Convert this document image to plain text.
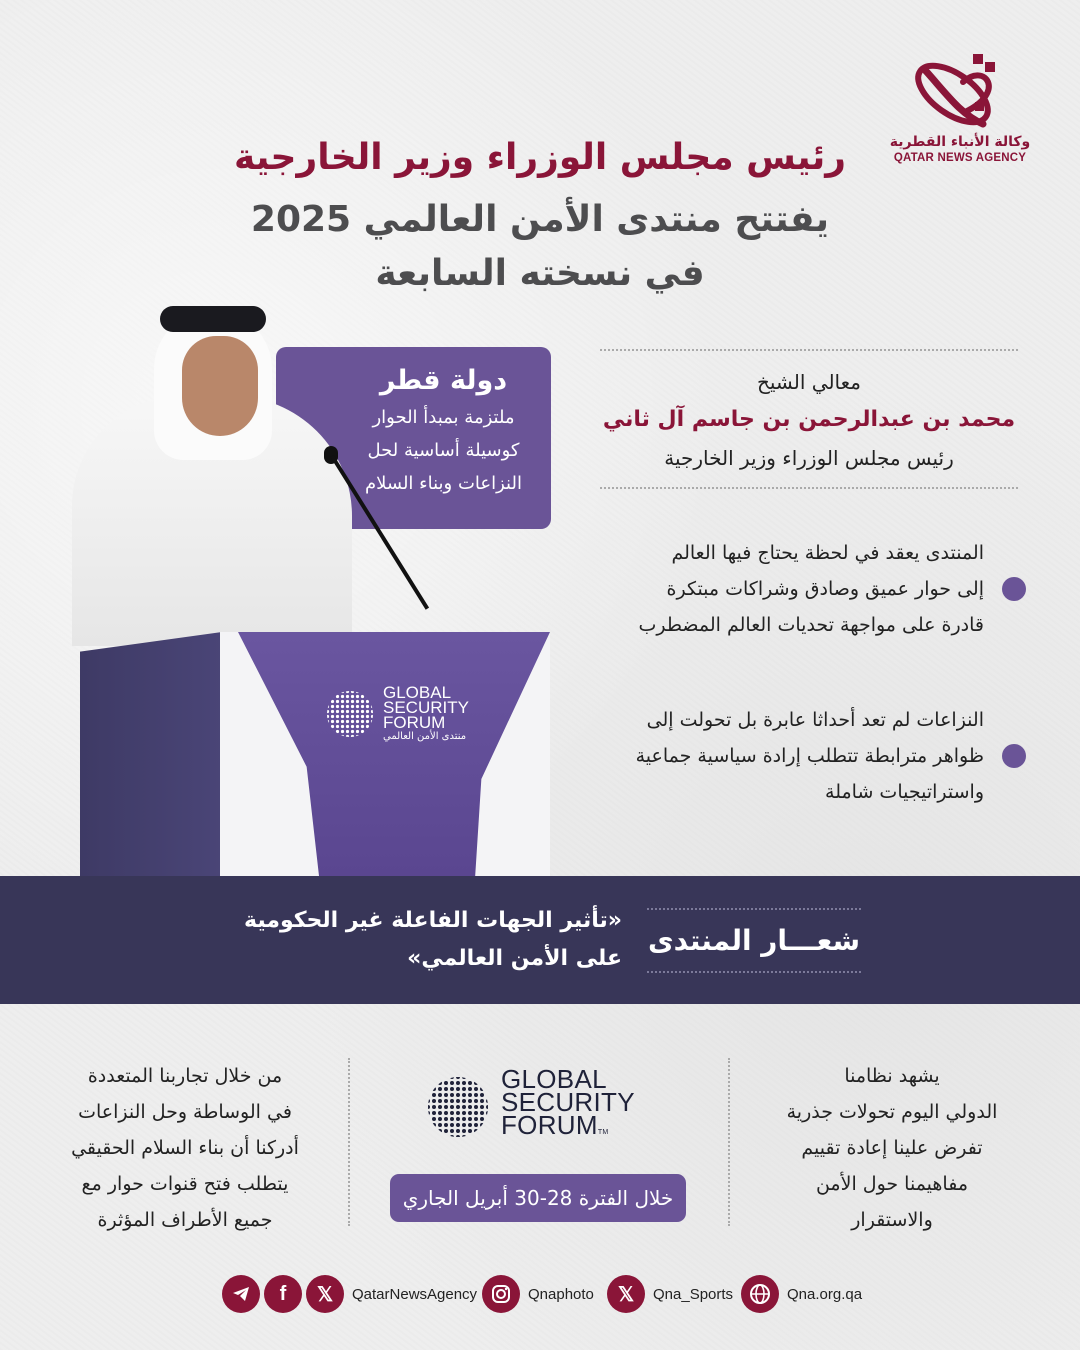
وكالة الأنباء القطرية
QATAR NEWS AGENCY
رئيس مجلس الوزراء وزير الخارجية
يفتتح منتدى الأمن العالمي 2025
في نسخته السابعة
دولة قطر
ملتزمة بمبدأ الحوار
كوسيلة أساسية لحل
النزاعات وبناء السلام
GLOBAL
SECURITY
FORUM
منتدى الأمن العالمي
معالي الشيخ
محمد بن عبدالرحمن بن جاسم آل ثاني
رئيس مجلس الوزراء وزير الخارجية
المنتدى يعقد في لحظة يحتاج فيها العالم
إلى حوار عميق وصادق وشراكات مبتكرة
قادرة على مواجهة تحديات العالم المضطرب
النزاعات لم تعد أحداثا عابرة بل تحولت إلى
ظواهر مترابطة تتطلب إرادة سياسية جماعية
واستراتيجيات شاملة
شعـــار المنتدى
«تأثير الجهات الفاعلة غير الحكومية
على الأمن العالمي»
يشهد نظامنا
الدولي اليوم تحولات جذرية
تفرض علينا إعادة تقييم
مفاهيمنا حول الأمن
والاستقرار
GLOBAL
SECURITY
FORUMTM
خلال الفترة 28-30 أبريل الجاري
من خلال تجاربنا المتعددة
في الوساطة وحل النزاعات
أدركنا أن بناء السلام الحقيقي
يتطلب فتح قنوات حوار مع
جميع الأطراف المؤثرة
f	𝕏	QatarNewsAgency	Qnaphoto	𝕏	Qna_Sports	Qna.org.qa
